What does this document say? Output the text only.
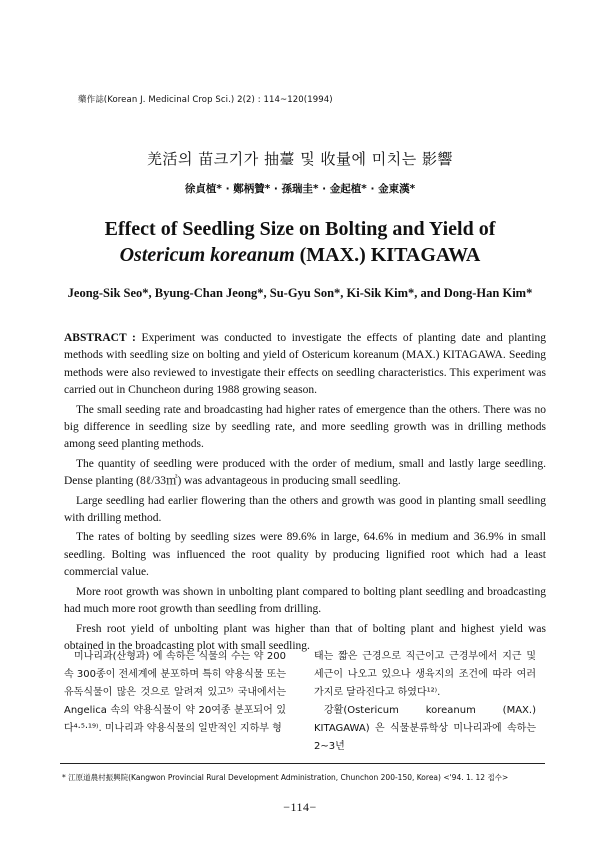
藥作誌(Korean J. Medicinal Crop Sci.) 2(2) : 114~120(1994)
羌活의 苗크기가 抽薹 및 收量에 미치는 影響
徐貞植* · 鄭柄贊* · 孫瑞圭* · 金起植* · 金東漢*
Effect of Seedling Size on Bolting and Yield of
Ostericum koreanum (MAX.) KITAGAWA
Jeong-Sik Seo*, Byung-Chan Jeong*, Su-Gyu Son*, Ki-Sik Kim*, and Dong-Han Kim*

ABSTRACT : Experiment was conducted to investigate the effects of planting date and planting methods with seedling size on bolting and yield of Ostericum koreanum (MAX.) KITAGAWA. Seeding methods were also reviewed to investigate their effects on seedling characteristics. This experiment was carried out in Chuncheon during 1988 growing season.

The small seeding rate and broadcasting had higher rates of emergence than the others. There was no big difference in seedling size by seedling rate, and more seedling growth was in drilling methods among seed planting methods.

The quantity of seedling were produced with the order of medium, small and lastly large seedling. Dense planting (8ℓ/33㎡) was advantageous in producing small seedling.

Large seedling had earlier flowering than the others and growth was good in planting small seedling with drilling method.

The rates of bolting by seedling sizes were 89.6% in large, 64.6% in medium and 36.9% in small seedling. Bolting was influenced the root quality by producing lignified root which had a least commercial value.

More root growth was shown in unbolting plant compared to bolting plant seedling and broadcasting had much more root growth than seedling from drilling.

Fresh root yield of unbolting plant was higher than that of bolting plant and highest yield was obtained in the broadcasting plot with small seedling.

미나리과(산형과) 에 속하는 식물의 수는 약 200속 300종이 전세계에 분포하며 특히 약용식물 또는 유독식물이 많은 것으로 알려져 있고⁵⁾ 국내에서는 Angelica 속의 약용식물이 약 20여종 분포되어 있다⁴·⁵·¹⁹⁾. 미나리과 약용식물의 일반적인 지하부 형

태는 짧은 근경으로 직근이고 근경부에서 지근 및 세근이 나오고 있으나 생육지의 조건에 따라 여러 가지로 달라진다고 하였다¹²⁾.

강활(Ostericum koreanum (MAX.) KITAGAWA) 은 식물분류학상 미나리과에 속하는 2~3년

* 江原道農村振興院(Kangwon Provincial Rural Development Administration, Chunchon 200-150, Korea) <'94. 1. 12 접수>
−114−
